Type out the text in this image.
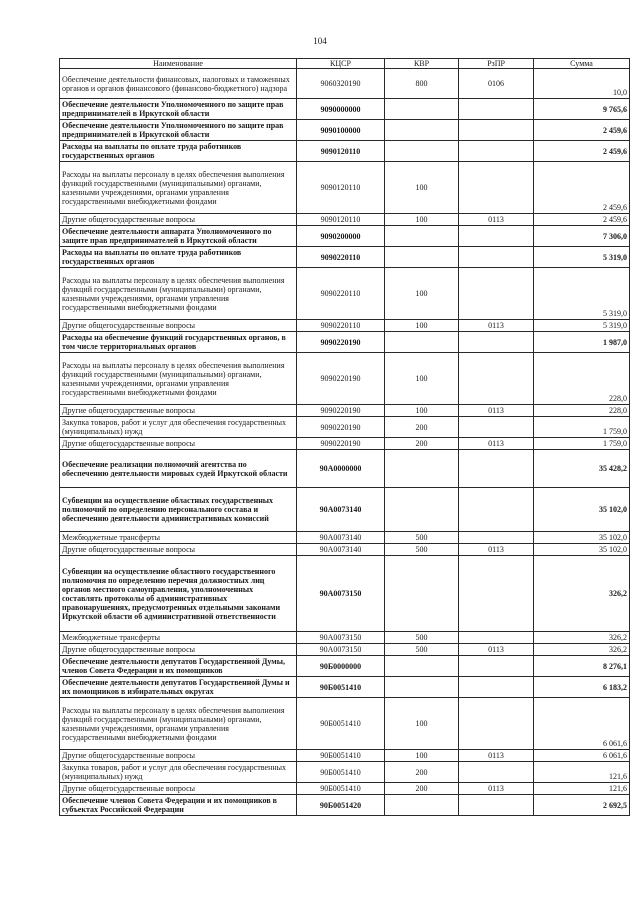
104
Наименование	КЦСР	КВР	РзПР	Сумма
Обеспечение деятельности финансовых, налоговых и таможенных органов и органов финансового (финансово-бюджетного) надзора	9060320190	800	0106	10,0
Обеспечение деятельности Уполномоченного по защите прав предпринимателей в Иркутской области	9090000000			9 765,6
Обеспечение деятельности Уполномоченного по защите прав предпринимателей в Иркутской области	9090100000			2 459,6
Расходы на выплаты по оплате труда работников государственных органов	9090120110			2 459,6
Расходы на выплаты персоналу в целях обеспечения выполнения функций государственными (муниципальными) органами, казенными учреждениями, органами управления государственными внебюджетными фондами	9090120110	100		2 459,6
Другие общегосударственные вопросы	9090120110	100	0113	2 459,6
Обеспечение деятельности аппарата Уполномоченного по защите прав предпринимателей в Иркутской области	9090200000			7 306,0
Расходы на выплаты по оплате труда работников государственных органов	9090220110			5 319,0
Расходы на выплаты персоналу в целях обеспечения выполнения функций государственными (муниципальными) органами, казенными учреждениями, органами управления государственными внебюджетными фондами	9090220110	100		5 319,0
Другие общегосударственные вопросы	9090220110	100	0113	5 319,0
Расходы на обеспечение функций государственных органов, в том числе территориальных органов	9090220190			1 987,0
Расходы на выплаты персоналу в целях обеспечения выполнения функций государственными (муниципальными) органами, казенными учреждениями, органами управления государственными внебюджетными фондами	9090220190	100		228,0
Другие общегосударственные вопросы	9090220190	100	0113	228,0
Закупка товаров, работ и услуг для обеспечения государственных (муниципальных) нужд	9090220190	200		1 759,0
Другие общегосударственные вопросы	9090220190	200	0113	1 759,0
Обеспечение реализации полномочий агентства по обеспечению деятельности мировых судей Иркутской области	90А0000000			35 428,2
Субвенции на осуществление областных государственных полномочий по определению персонального состава и обеспечению деятельности административных комиссий	90А0073140			35 102,0
Межбюджетные трансферты	90А0073140	500		35 102,0
Другие общегосударственные вопросы	90А0073140	500	0113	35 102,0
Субвенции на осуществление областного государственного полномочия по определению перечня должностных лиц органов местного самоуправления, уполномоченных составлять протоколы об административных правонарушениях, предусмотренных отдельными законами Иркутской области об административной ответственности	90А0073150			326,2
Межбюджетные трансферты	90А0073150	500		326,2
Другие общегосударственные вопросы	90А0073150	500	0113	326,2
Обеспечение деятельности депутатов Государственной Думы, членов Совета Федерации и их помощников	90Б0000000			8 276,1
Обеспечение деятельности депутатов Государственной Думы и их помощников в избирательных округах	90Б0051410			6 183,2
Расходы на выплаты персоналу в целях обеспечения выполнения функций государственными (муниципальными) органами, казенными учреждениями, органами управления государственными внебюджетными фондами	90Б0051410	100		6 061,6
Другие общегосударственные вопросы	90Б0051410	100	0113	6 061,6
Закупка товаров, работ и услуг для обеспечения государственных (муниципальных) нужд	90Б0051410	200		121,6
Другие общегосударственные вопросы	90Б0051410	200	0113	121,6
Обеспечение членов Совета Федерации и их помощников в субъектах Российской Федерации	90Б0051420			2 692,5
